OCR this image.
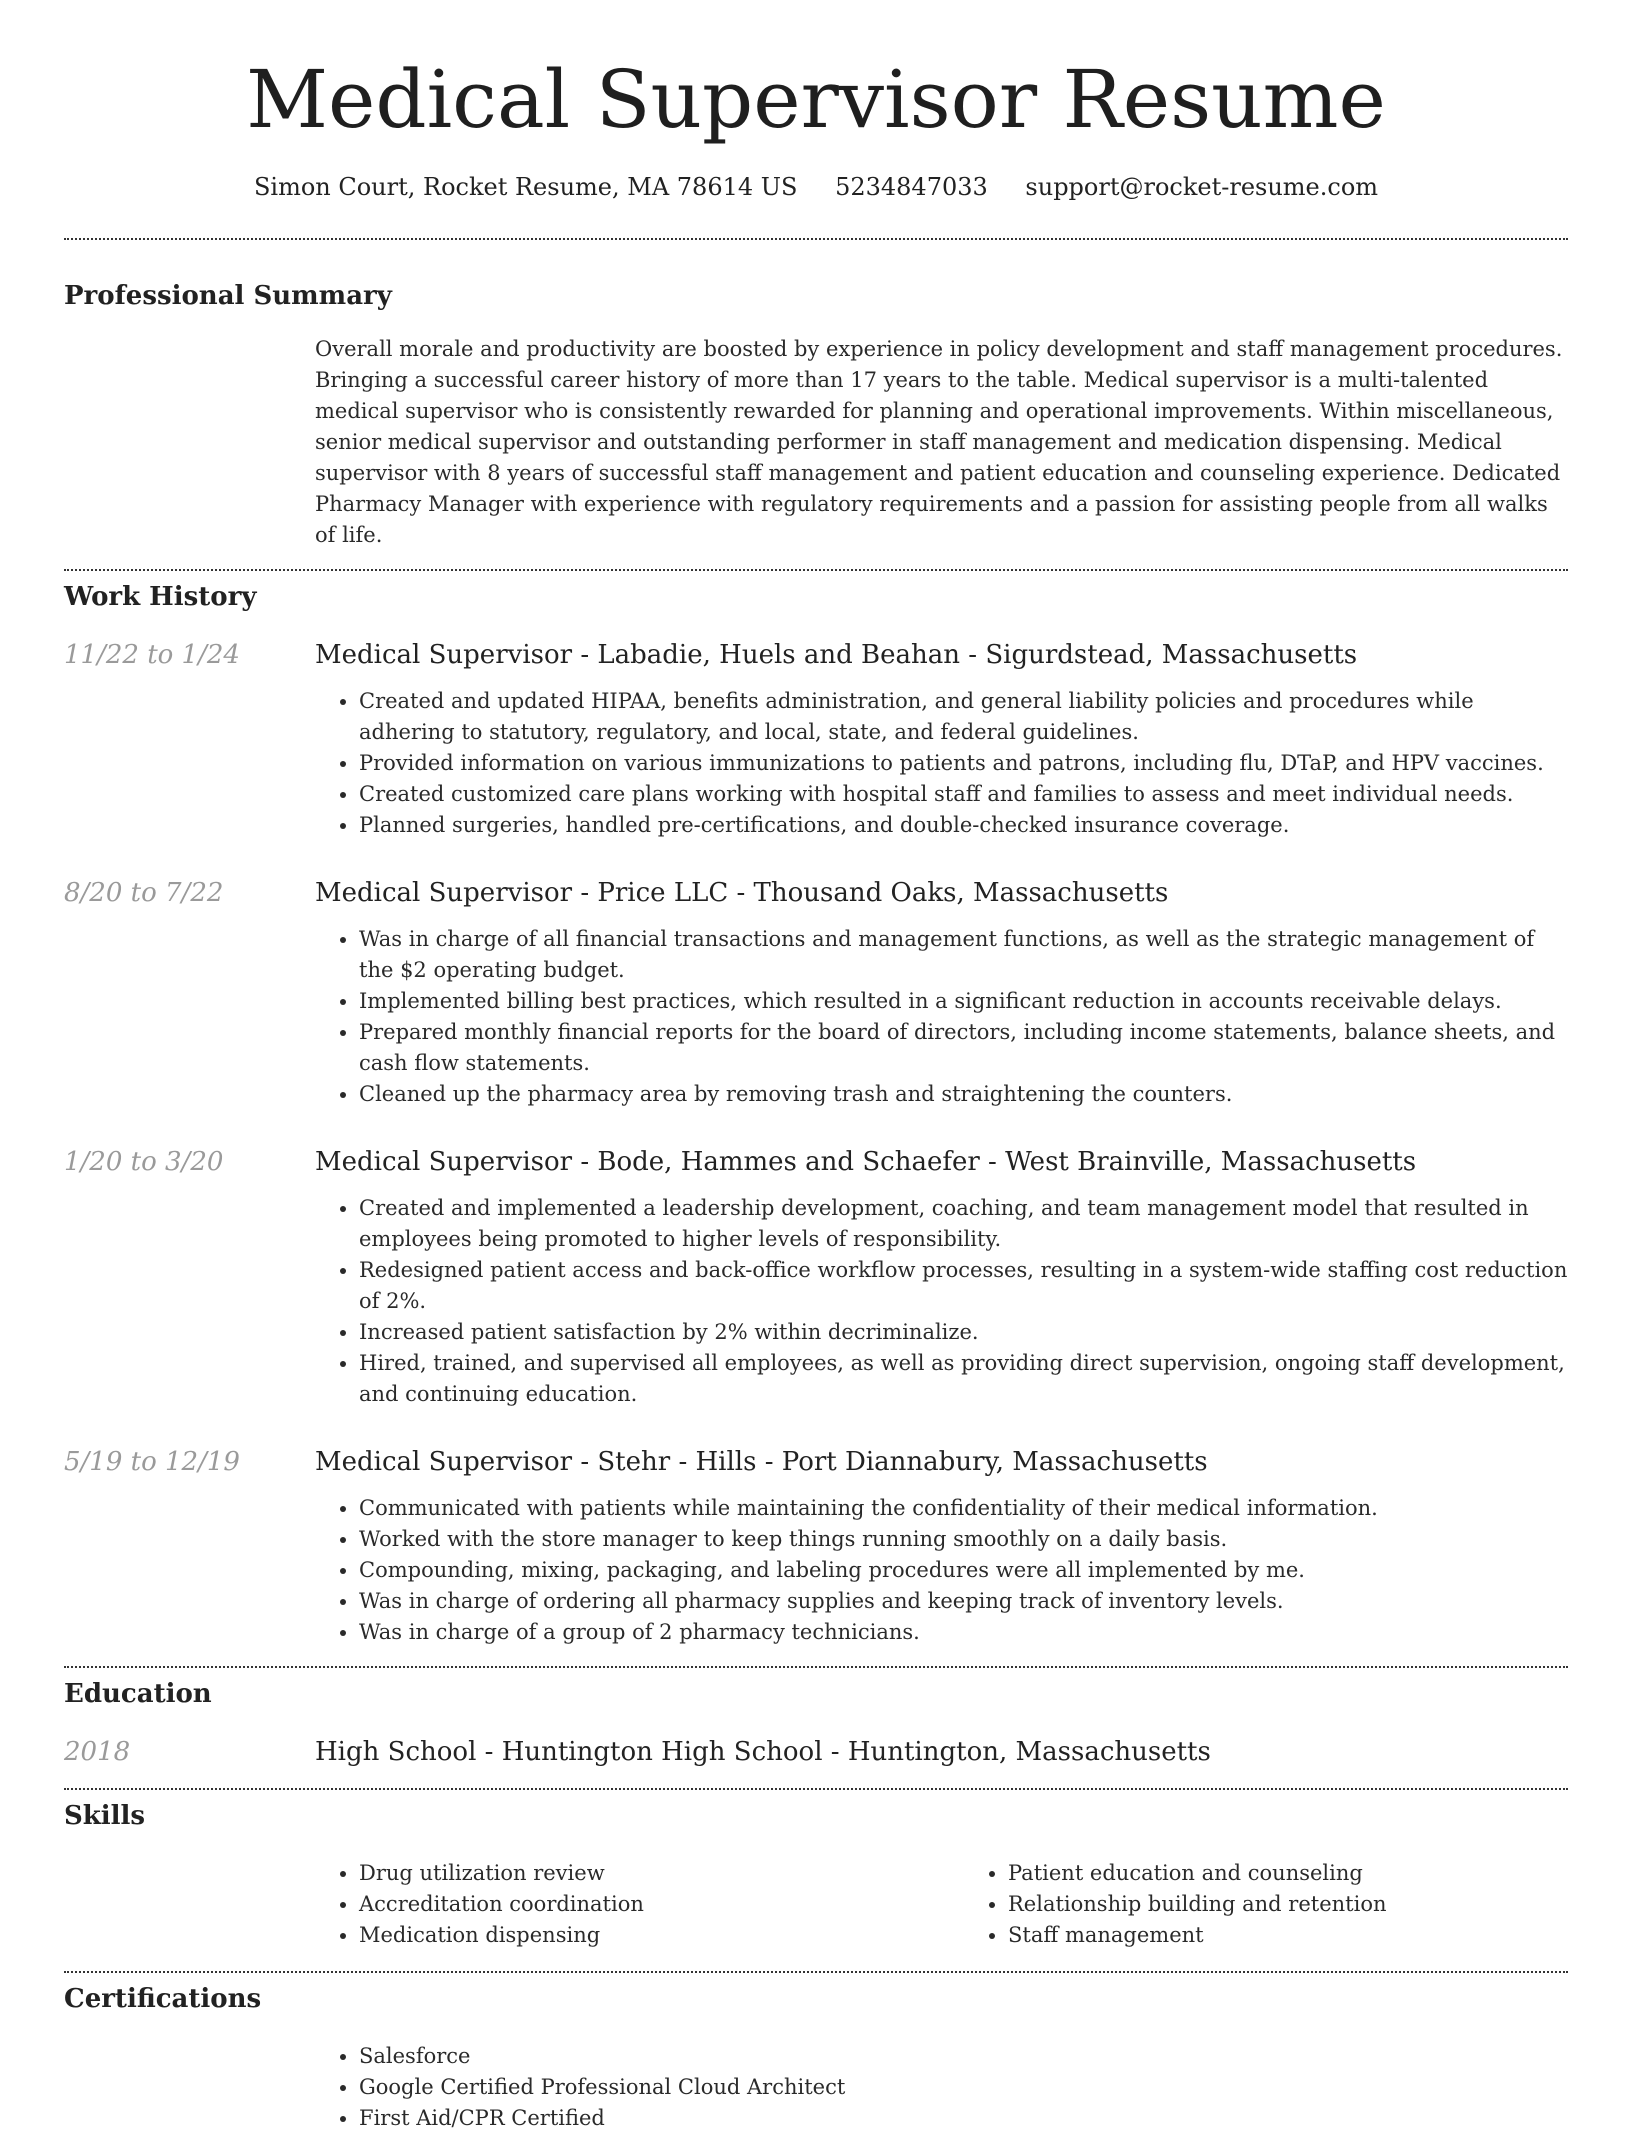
Medical Supervisor Resume
Simon Court, Rocket Resume, MA 78614 US 5234847033 support@rocket-resume.com
Professional Summary
Overall morale and productivity are boosted by experience in policy development and staff management procedures. Bringing a successful career history of more than 17 years to the table. Medical supervisor is a multi-talented medical supervisor who is consistently rewarded for planning and operational improvements. Within miscellaneous, senior medical supervisor and outstanding performer in staff management and medication dispensing. Medical supervisor with 8 years of successful staff management and patient education and counseling experience. Dedicated Pharmacy Manager with experience with regulatory requirements and a passion for assisting people from all walks of life.
Work History
11/22 to 1/24	Medical Supervisor - Labadie, Huels and Beahan - Sigurdstead, Massachusetts
• Created and updated HIPAA, benefits administration, and general liability policies and procedures while adhering to statutory, regulatory, and local, state, and federal guidelines.
• Provided information on various immunizations to patients and patrons, including flu, DTaP, and HPV vaccines.
• Created customized care plans working with hospital staff and families to assess and meet individual needs.
• Planned surgeries, handled pre-certifications, and double-checked insurance coverage.
8/20 to 7/22	Medical Supervisor - Price LLC - Thousand Oaks, Massachusetts
• Was in charge of all financial transactions and management functions, as well as the strategic management of the $2 operating budget.
• Implemented billing best practices, which resulted in a significant reduction in accounts receivable delays.
• Prepared monthly financial reports for the board of directors, including income statements, balance sheets, and cash flow statements.
• Cleaned up the pharmacy area by removing trash and straightening the counters.
1/20 to 3/20	Medical Supervisor - Bode, Hammes and Schaefer - West Brainville, Massachusetts
• Created and implemented a leadership development, coaching, and team management model that resulted in employees being promoted to higher levels of responsibility.
• Redesigned patient access and back-office workflow processes, resulting in a system-wide staffing cost reduction of 2%.
• Increased patient satisfaction by 2% within decriminalize.
• Hired, trained, and supervised all employees, as well as providing direct supervision, ongoing staff development, and continuing education.
5/19 to 12/19	Medical Supervisor - Stehr - Hills - Port Diannabury, Massachusetts
• Communicated with patients while maintaining the confidentiality of their medical information.
• Worked with the store manager to keep things running smoothly on a daily basis.
• Compounding, mixing, packaging, and labeling procedures were all implemented by me.
• Was in charge of ordering all pharmacy supplies and keeping track of inventory levels.
• Was in charge of a group of 2 pharmacy technicians.
Education
2018	High School - Huntington High School - Huntington, Massachusetts
Skills
• Drug utilization review
• Accreditation coordination
• Medication dispensing
• Patient education and counseling
• Relationship building and retention
• Staff management
Certifications
• Salesforce
• Google Certified Professional Cloud Architect
• First Aid/CPR Certified
